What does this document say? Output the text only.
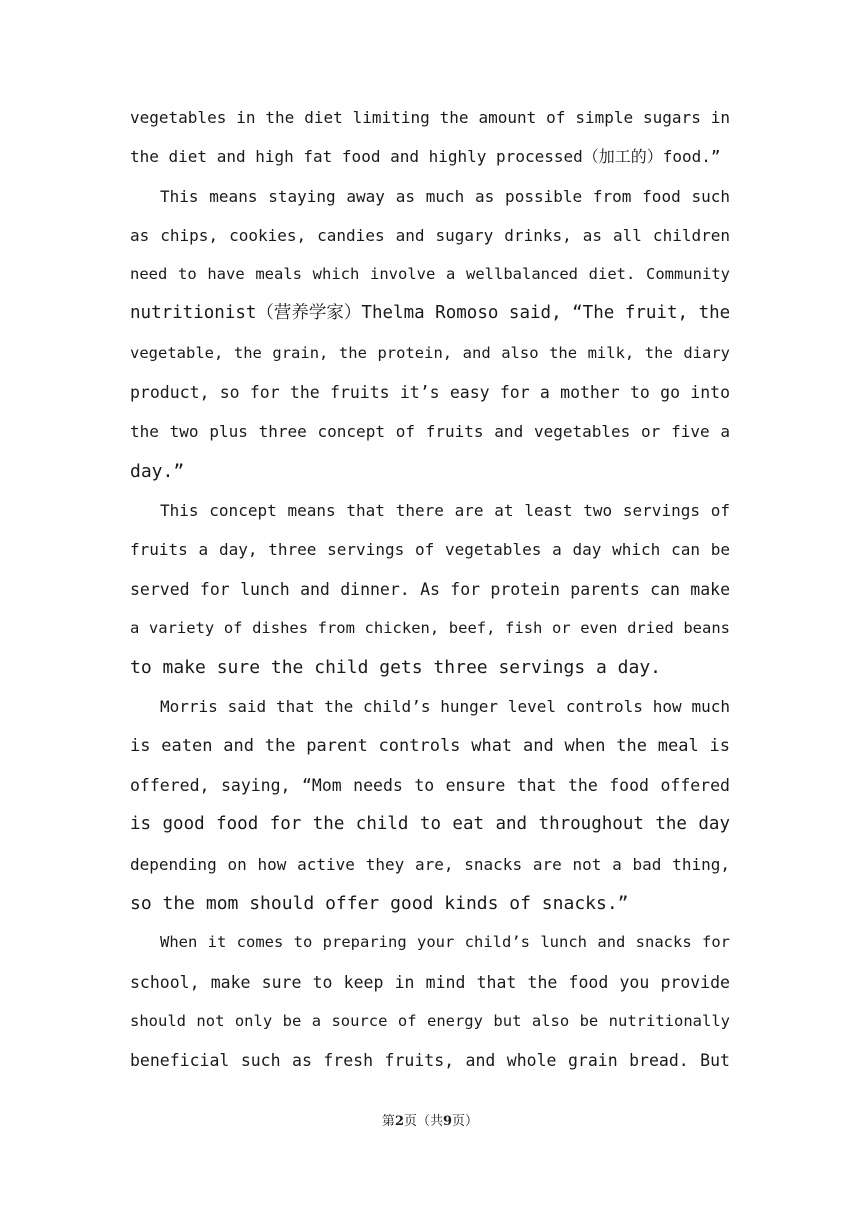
vegetables in the diet limiting the amount of simple sugars in
the diet and high fat food and highly processed（加工的）food.”
This means staying away as much as possible from food such
as chips, cookies, candies and sugary drinks, as all children
need to have meals which involve a wellbalanced diet. Community
nutritionist（营养学家）Thelma Romoso said, “The fruit, the
vegetable, the grain, the protein, and also the milk, the diary
product, so for the fruits it’s easy for a mother to go into
the two plus three concept of fruits and vegetables or five a
day.”
This concept means that there are at least two servings of
fruits a day, three servings of vegetables a day which can be
served for lunch and dinner. As for protein parents can make
a variety of dishes from chicken, beef, fish or even dried beans
to make sure the child gets three servings a day.
Morris said that the child’s hunger level controls how much
is eaten and the parent controls what and when the meal is
offered, saying, “Mom needs to ensure that the food offered
is good food for the child to eat and throughout the day
depending on how active they are, snacks are not a bad thing,
so the mom should offer good kinds of snacks.”
When it comes to preparing your child’s lunch and snacks for
school, make sure to keep in mind that the food you provide
should not only be a source of energy but also be nutritionally
beneficial such as fresh fruits, and whole grain bread. But
第2页（共9页）
